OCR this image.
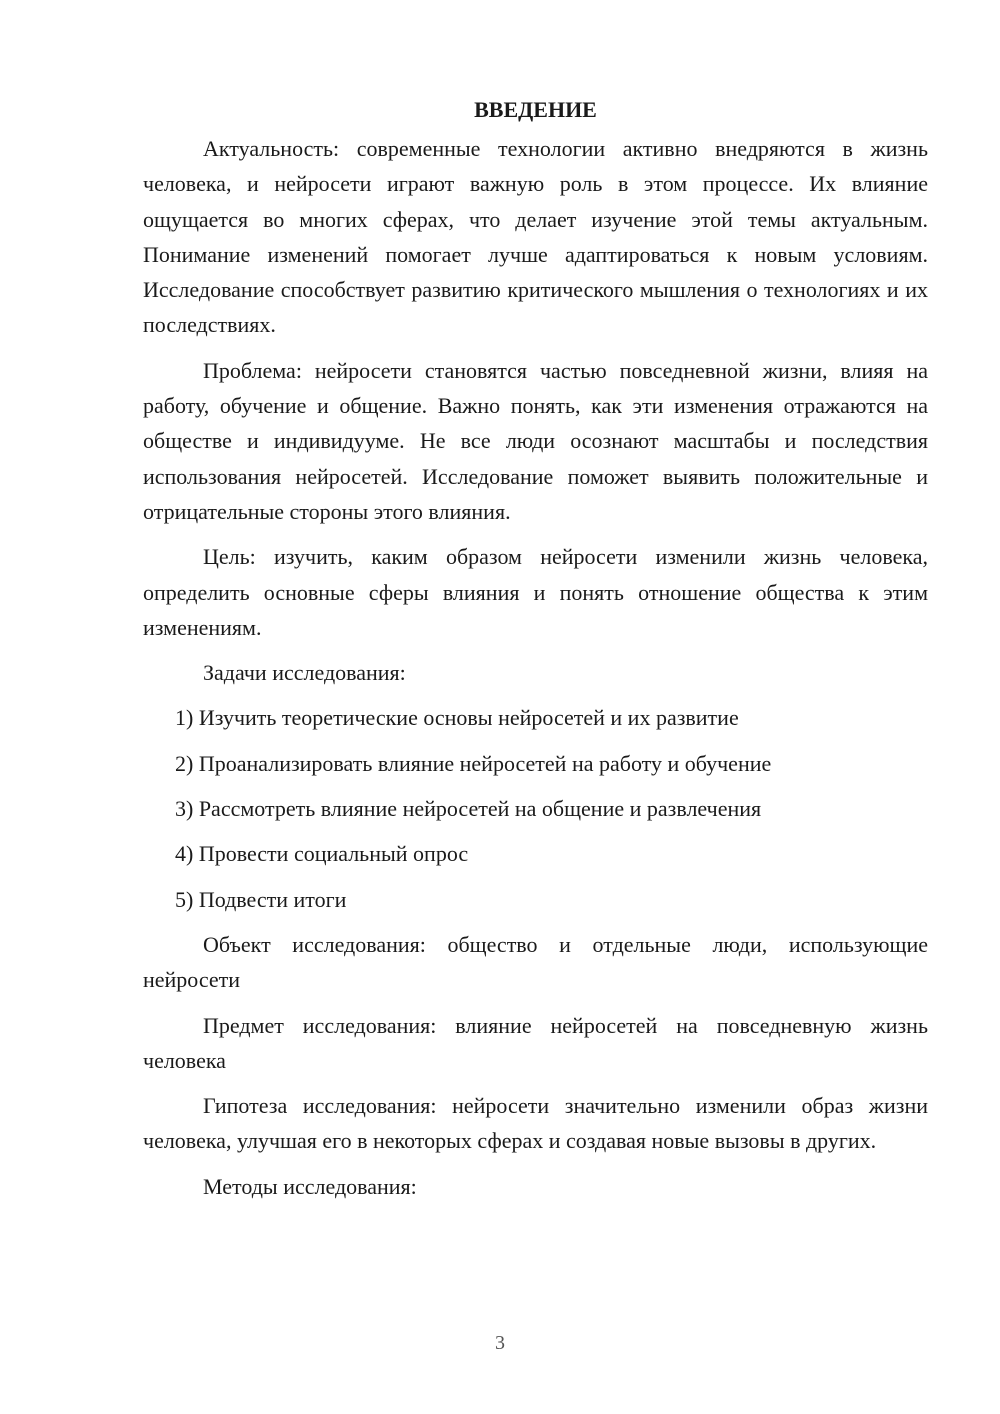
ВВЕДЕНИЕ

Актуальность: современные технологии активно внедряются в жизнь человека, и нейросети играют важную роль в этом процессе. Их влияние ощущается во многих сферах, что делает изучение этой темы актуальным. Понимание изменений помогает лучше адаптироваться к новым условиям. Исследование способствует развитию критического мышления о технологиях и их последствиях.

Проблема: нейросети становятся частью повседневной жизни, влияя на работу, обучение и общение. Важно понять, как эти изменения отражаются на обществе и индивидууме. Не все люди осознают масштабы и последствия использования нейросетей. Исследование поможет выявить положительные и отрицательные стороны этого влияния.

Цель: изучить, каким образом нейросети изменили жизнь человека, определить основные сферы влияния и понять отношение общества к этим изменениям.

Задачи исследования:

1) Изучить теоретические основы нейросетей и их развитие

2) Проанализировать влияние нейросетей на работу и обучение

3) Рассмотреть влияние нейросетей на общение и развлечения

4) Провести социальный опрос

5) Подвести итоги

Объект исследования: общество и отдельные люди, использующие нейросети

Предмет исследования: влияние нейросетей на повседневную жизнь человека

Гипотеза исследования: нейросети значительно изменили образ жизни человека, улучшая его в некоторых сферах и создавая новые вызовы в других.

Методы исследования:

3
